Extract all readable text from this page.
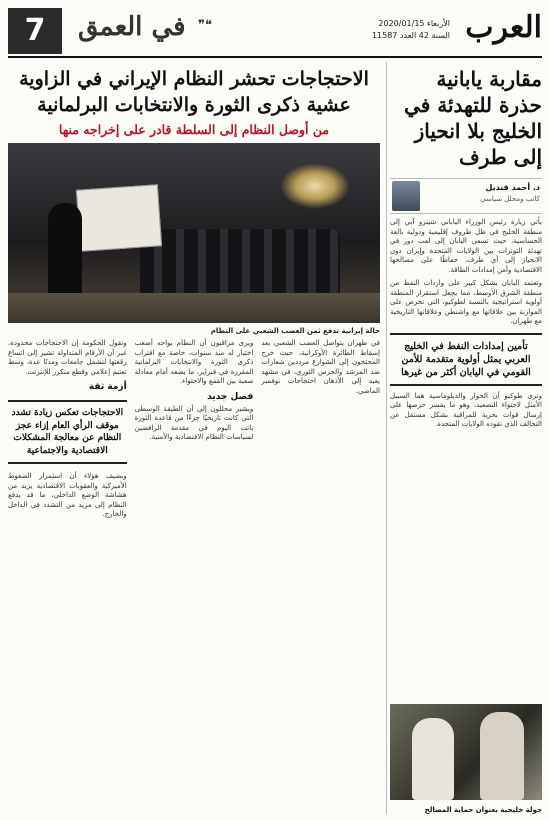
العرب
الأربعاء 2020/01/15
السنة 42 العدد 11587
❝❞
في العمق
7
مقاربة يابانية حذرة للتهدئة في الخليج بلا انحياز إلى طرف
د. أحمد قنديل
كاتب ومحلل سياسي
يأتي زيارة رئيس الوزراء الياباني شينزو آبي إلى منطقة الخليج في ظل ظروف إقليمية ودولية بالغة الحساسية، حيث تسعى اليابان إلى لعب دور في تهدئة التوترات بين الولايات المتحدة وإيران دون الانحياز إلى أي طرف، حفاظًا على مصالحها الاقتصادية وأمن إمدادات الطاقة.
وتعتمد اليابان بشكل كبير على واردات النفط من منطقة الشرق الأوسط، مما يجعل استقرار المنطقة أولوية استراتيجية بالنسبة لطوكيو، التي تحرص على الموازنة بين علاقاتها مع واشنطن وعلاقاتها التاريخية مع طهران.
تأمين إمدادات النفط في الخليج العربي يمثل أولوية متقدمة للأمن القومي في اليابان أكثر من غيرها
وترى طوكيو أن الحوار والدبلوماسية هما السبيل الأمثل لاحتواء التصعيد، وهو ما يفسر حرصها على إرسال قوات بحرية للمراقبة بشكل مستقل عن التحالف الذي تقوده الولايات المتحدة.
جولة خليجية بعنوان حماية المصالح
الاحتجاجات تحشر النظام الإيراني في الزاوية عشية ذكرى الثورة والانتخابات البرلمانية
من أوصل النظام إلى السلطة قادر على إخراجه منها
حالة إيرانية تدفع ثمن الغضب الشعبي على النظام
في طهران يتواصل الغضب الشعبي بعد إسقاط الطائرة الأوكرانية، حيث خرج المحتجون إلى الشوارع مرددين شعارات ضد المرشد والحرس الثوري، في مشهد يعيد إلى الأذهان احتجاجات نوفمبر الماضي.
ويرى مراقبون أن النظام يواجه أصعب اختبار له منذ سنوات، خاصة مع اقتراب ذكرى الثورة والانتخابات البرلمانية المقررة في فبراير، ما يضعه أمام معادلة صعبة بين القمع والاحتواء.
فصل جديد
ويشير محللون إلى أن الطبقة الوسطى التي كانت تاريخيًا جزءًا من قاعدة الثورة باتت اليوم في مقدمة الرافضين لسياسات النظام الاقتصادية والأمنية.
وتقول الحكومة إن الاحتجاجات محدودة، غير أن الأرقام المتداولة تشير إلى اتساع رقعتها لتشمل جامعات ومدنًا عدة، وسط تعتيم إعلامي وقطع متكرر للإنترنت.
أزمة ثقة
الاحتجاجات تعكس زيادة تشدد موقف الرأي العام إزاء عجز النظام عن معالجة المشكلات الاقتصادية والاجتماعية
ويضيف هؤلاء أن استمرار الضغوط الأميركية والعقوبات الاقتصادية يزيد من هشاشة الوضع الداخلي، ما قد يدفع النظام إلى مزيد من التشدد في الداخل والخارج.
